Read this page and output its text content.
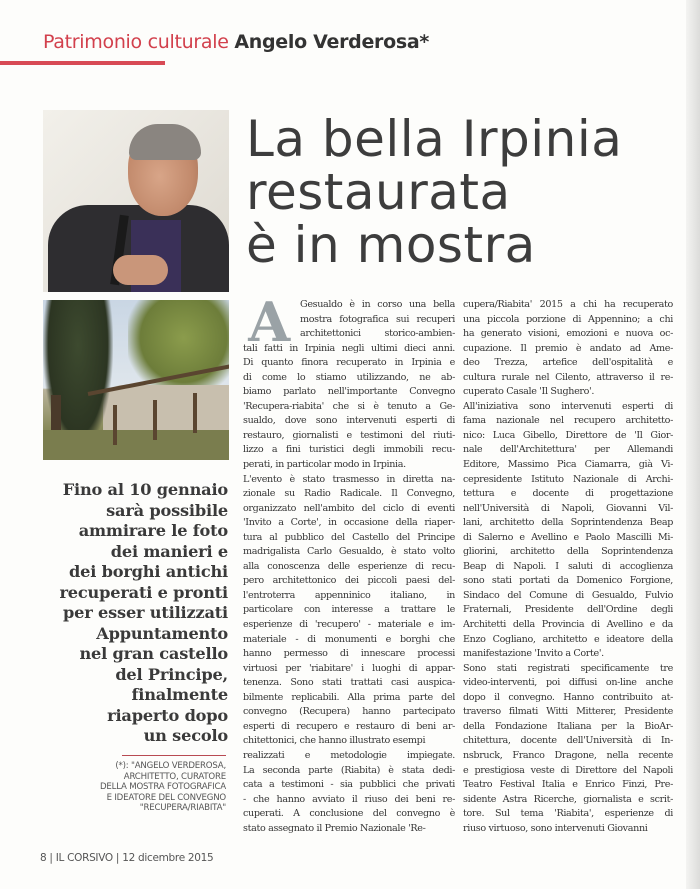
Patrimonio culturale Angelo Verderosa*
La bella Irpinia
restaurata
è in mostra
Fino al 10 gennaio
sarà possibile
ammirare le foto
dei manieri e
dei borghi antichi
recuperati e pronti
per esser utilizzati
Appuntamento
nel gran castello
del Principe,
finalmente
riaperto dopo
un secolo
(*): "ANGELO VERDEROSA,
ARCHITETTO, CURATORE
DELLA MOSTRA FOTOGRAFICA
E IDEATORE DEL CONVEGNO
"RECUPERA/RIABITA"
A	Gesualdo è in corso una bella
mostra fotografica sui recuperi
architettonici storico-ambien-
tali fatti in Irpinia negli ultimi dieci anni.
Di quanto finora recuperato in Irpinia e
di come lo stiamo utilizzando, ne ab-
biamo parlato nell'importante Convegno
'Recupera-riabita' che si è tenuto a Ge-
sualdo, dove sono intervenuti esperti di
restauro, giornalisti e testimoni del riuti-
lizzo a fini turistici degli immobili recu-
perati, in particolar modo in Irpinia.
L'evento è stato trasmesso in diretta na-
zionale su Radio Radicale. Il Convegno,
organizzato nell'ambito del ciclo di eventi
'Invito a Corte', in occasione della riaper-
tura al pubblico del Castello del Principe
madrigalista Carlo Gesualdo, è stato volto
alla conoscenza delle esperienze di recu-
pero architettonico dei piccoli paesi del-
l'entroterra appenninico italiano, in
particolare con interesse a trattare le
esperienze di 'recupero' - materiale e im-
materiale - di monumenti e borghi che
hanno permesso di innescare processi
virtuosi per 'riabitare' i luoghi di appar-
tenenza. Sono stati trattati casi auspica-
bilmente replicabili. Alla prima parte del
convegno (Recupera) hanno partecipato
esperti di recupero e restauro di beni ar-
chitettonici, che hanno illustrato esempi
realizzati e metodologie impiegate.
La seconda parte (Riabita) è stata dedi-
cata a testimoni - sia pubblici che privati
- che hanno avviato il riuso dei beni re-
cuperati. A conclusione del convegno è
stato assegnato il Premio Nazionale 'Re-
cupera/Riabita' 2015 a chi ha recuperato
una piccola porzione di Appennino; a chi
ha generato visioni, emozioni e nuova oc-
cupazione. Il premio è andato ad Ame-
deo Trezza, artefice dell'ospitalità e
cultura rurale nel Cilento, attraverso il re-
cuperato Casale 'Il Sughero'.
All'iniziativa sono intervenuti esperti di
fama nazionale nel recupero architetto-
nico: Luca Gibello, Direttore de 'Il Gior-
nale dell'Architettura' per Allemandi
Editore, Massimo Pica Ciamarra, già Vi-
cepresidente Istituto Nazionale di Archi-
tettura e docente di progettazione
nell'Università di Napoli, Giovanni Vil-
lani, architetto della Soprintendenza Beap
di Salerno e Avellino e Paolo Mascilli Mi-
gliorini, architetto della Soprintendenza
Beap di Napoli. I saluti di accoglienza
sono stati portati da Domenico Forgione,
Sindaco del Comune di Gesualdo, Fulvio
Fraternali, Presidente dell'Ordine degli
Architetti della Provincia di Avellino e da
Enzo Cogliano, architetto e ideatore della
manifestazione 'Invito a Corte'.
Sono stati registrati specificamente tre
video-interventi, poi diffusi on-line anche
dopo il convegno. Hanno contribuito at-
traverso filmati Witti Mitterer, Presidente
della Fondazione Italiana per la BioAr-
chitettura, docente dell'Università di In-
nsbruck, Franco Dragone, nella recente
e prestigiosa veste di Direttore del Napoli
Teatro Festival Italia e Enrico Finzi, Pre-
sidente Astra Ricerche, giornalista e scrit-
tore. Sul tema 'Riabita', esperienze di
riuso virtuoso, sono intervenuti Giovanni
8 | IL CORSIVO | 12 dicembre 2015
